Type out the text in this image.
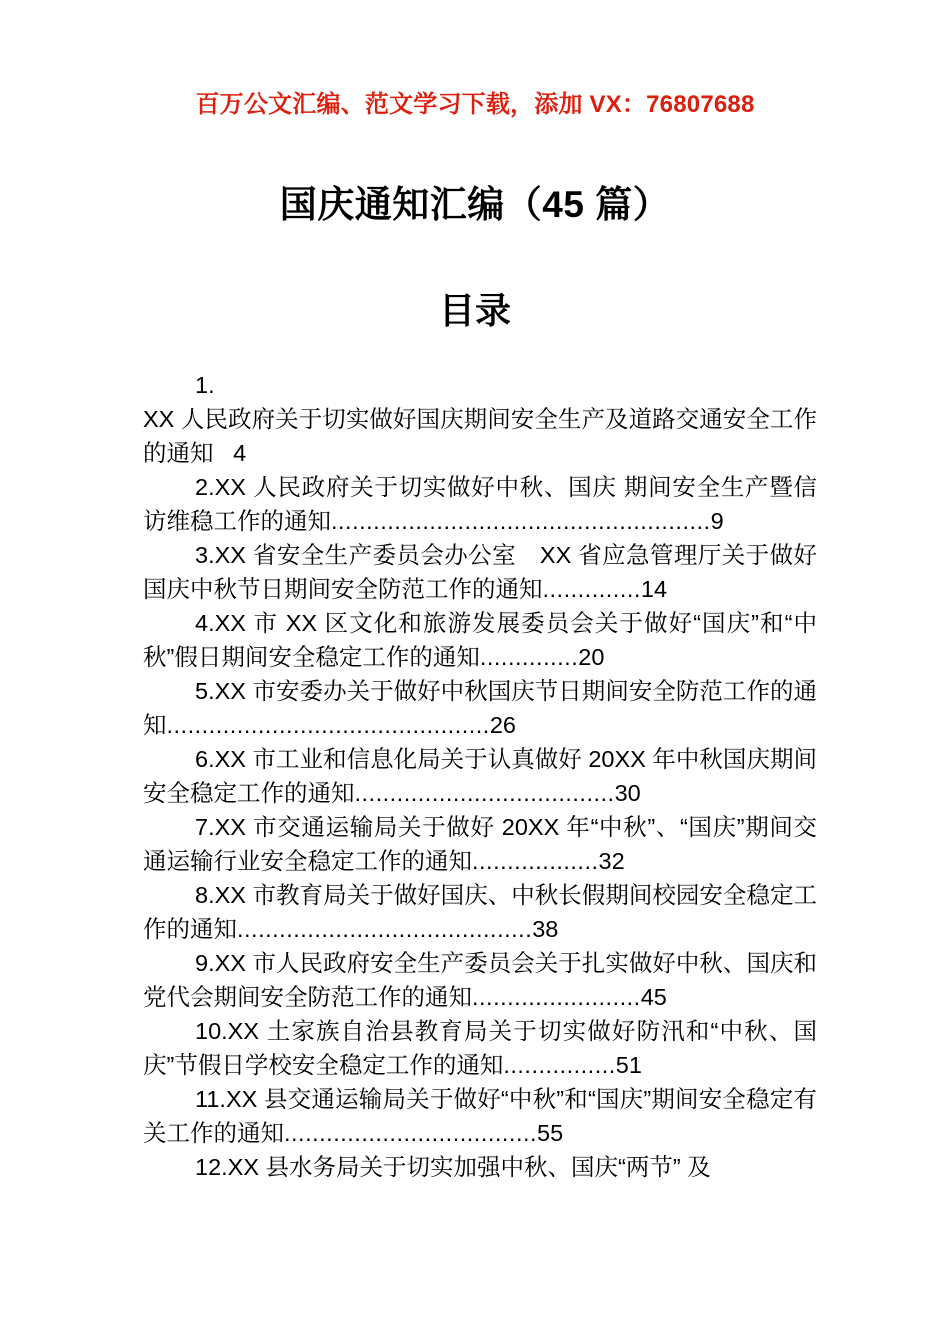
百万公文汇编、范文学习下载，添加 VX：76807688
国庆通知汇编（45 篇）
目录

1.
XX 人民政府关于切实做好国庆期间安全生产及道路交通安全工作的通知 4

2.XX 人民政府关于切实做好中秋、国庆 期间安全生产暨信访维稳工作的通知......................................................9

3.XX 省安全生产委员会办公室　XX 省应急管理厅关于做好国庆中秋节日期间安全防范工作的通知..............14

4.XX 市 XX 区文化和旅游发展委员会关于做好“国庆”和“中秋”假日期间安全稳定工作的通知..............20

5.XX 市安委办关于做好中秋国庆节日期间安全防范工作的通知..............................................26

6.XX 市工业和信息化局关于认真做好 20XX 年中秋国庆期间安全稳定工作的通知.....................................30

7.XX 市交通运输局关于做好 20XX 年“中秋”、“国庆”期间交通运输行业安全稳定工作的通知..................32

8.XX 市教育局关于做好国庆、中秋长假期间校园安全稳定工作的通知..........................................38

9.XX 市人民政府安全生产委员会关于扎实做好中秋、国庆和党代会期间安全防范工作的通知........................45

10.XX 土家族自治县教育局关于切实做好防汛和“中秋、国庆”节假日学校安全稳定工作的通知................51

11.XX 县交通运输局关于做好“中秋”和“国庆”期间安全稳定有关工作的通知....................................55

12.XX 县水务局关于切实加强中秋、国庆“两节” 及
